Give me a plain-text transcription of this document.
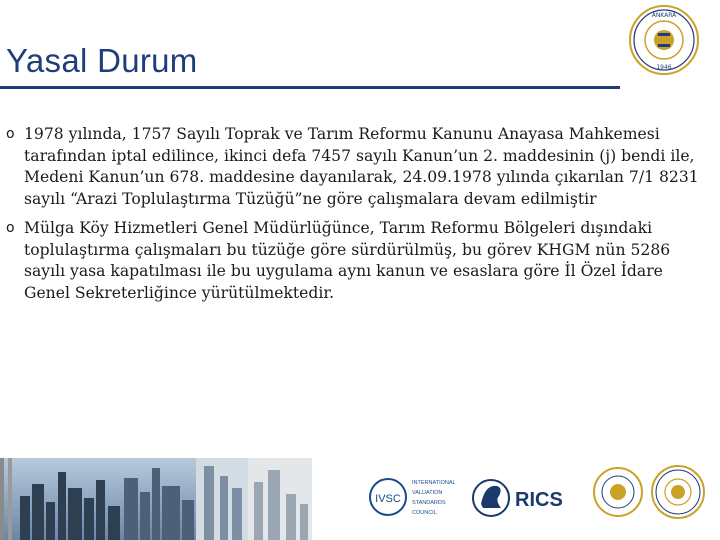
Yasal Durum
ANKARA
1946
o 1978 yılında, 1757 Sayılı Toprak ve Tarım Reformu Kanunu Anayasa Mahkemesi tarafından iptal edilince, ikinci defa 7457 sayılı Kanun’un 2. maddesinin (j) bendi ile, Medeni Kanun’un 678. maddesine dayanılarak, 24.09.1978 yılında çıkarılan 7/1 8231 sayılı “Arazi Toplulaştırma Tüzüğü”ne göre çalışmalara devam edilmiştir
o Mülga Köy Hizmetleri Genel Müdürlüğünce, Tarım Reformu Bölgeleri dışındaki toplulaştırma çalışmaları bu tüzüğe göre sürdürülmüş, bu görev KHGM nün 5286 sayılı yasa kapatılması ile bu uygulama aynı kanun ve esaslara göre İl Özel İdare Genel Sekreterliğince yürütülmektedir.
IVSC
INTERNATIONAL
VALUATION
STANDARDS
COUNCIL
RICS
